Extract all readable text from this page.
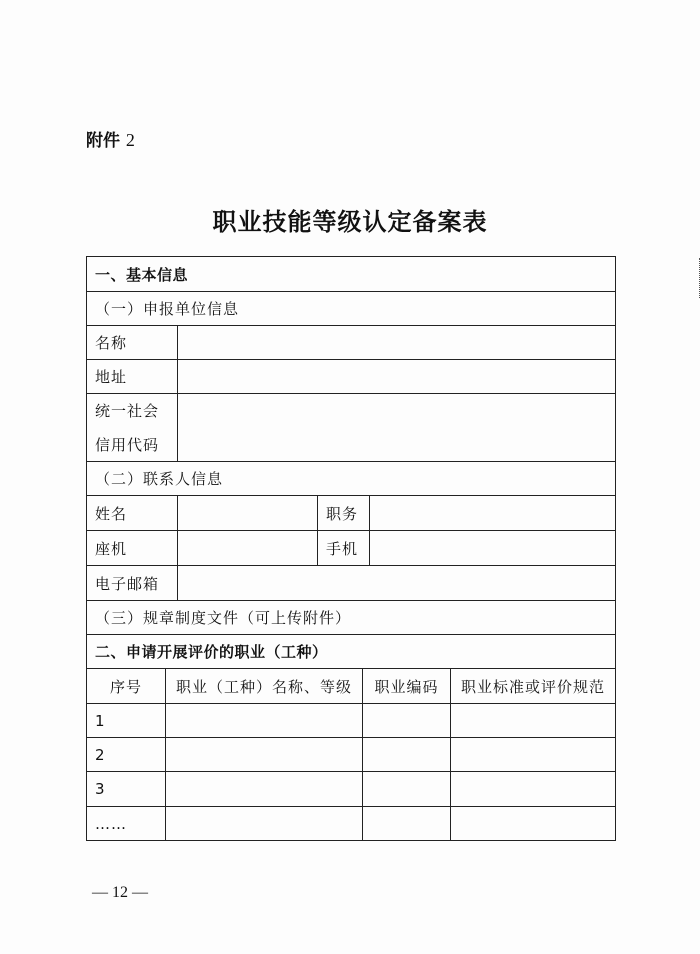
附件 2
职业技能等级认定备案表
一、基本信息
（一）申报单位信息
名称
地址
统一社会
信用代码
（二）联系人信息
姓名	职务
座机	手机
电子邮箱
（三）规章制度文件（可上传附件）
二、申请开展评价的职业（工种）
序号	职业（工种）名称、等级	职业编码	职业标准或评价规范
1
2
3
……
— 12 —
